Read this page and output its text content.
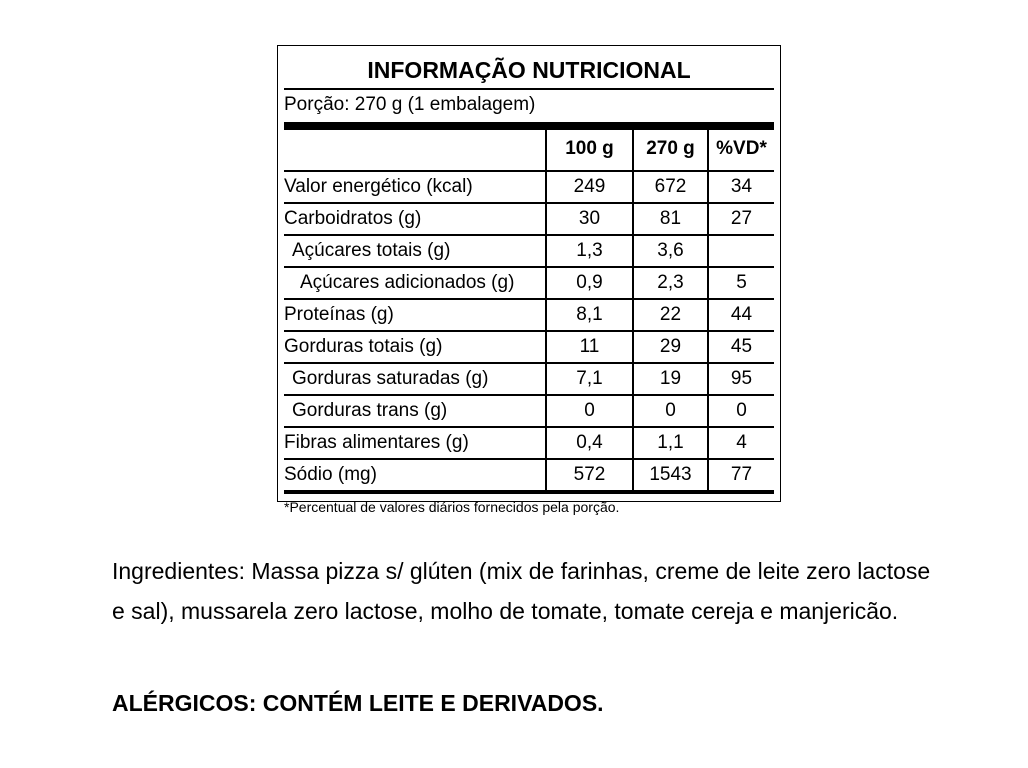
INFORMAÇÃO NUTRICIONAL
Porção: 270 g (1 embalagem)
	100 g	270 g	%VD*

Valor energético (kcal)	249	672	34
Carboidratos (g)	30	81	27
Açúcares totais (g)	1,3	3,6	
Açúcares adicionados (g)	0,9	2,3	5
Proteínas (g)	8,1	22	44
Gorduras totais (g)	11	29	45
Gorduras saturadas (g)	7,1	19	95
Gorduras trans (g)	0	0	0
Fibras alimentares (g)	0,4	1,1	4
Sódio (mg)	572	1543	77
*Percentual de valores diários fornecidos pela porção.
Ingredientes: Massa pizza s/ glúten (mix de farinhas, creme de leite zero lactose e sal), mussarela zero lactose, molho de tomate, tomate cereja e manjericão.
ALÉRGICOS: CONTÉM LEITE E DERIVADOS.
